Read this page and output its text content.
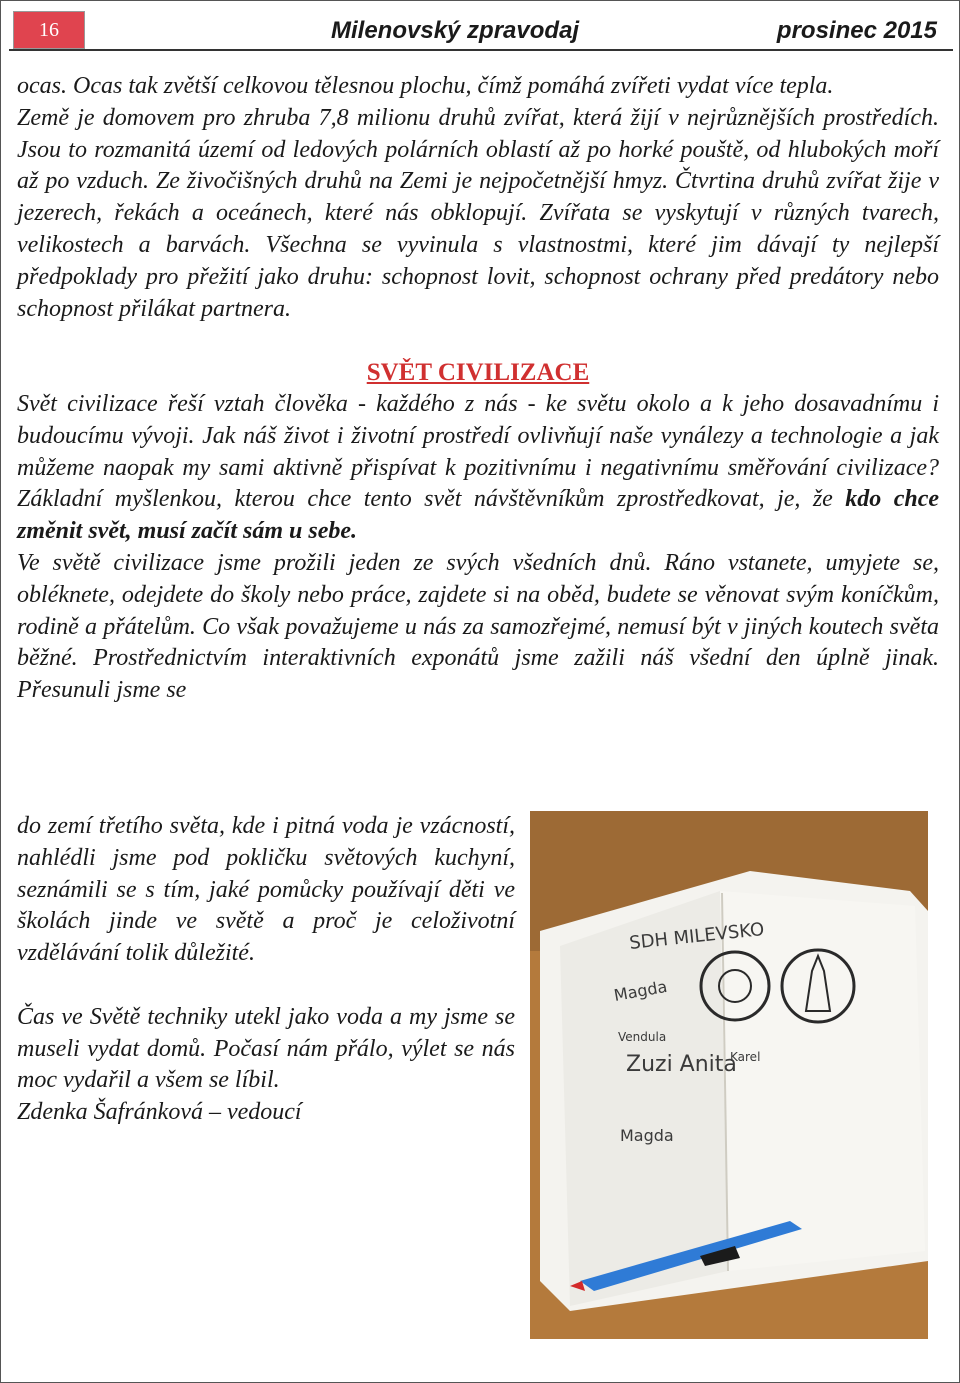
16	Milenovský zpravodaj	prosinec 2015

ocas. Ocas tak zvětší celkovou tělesnou plochu, čímž pomáhá zvířeti vydat více tepla.

Země je domovem pro zhruba 7,8 milionu druhů zvířat, která žijí v nejrůznějších prostředích. Jsou to rozmanitá území od ledových polárních oblastí až po horké pouště, od hlubokých moří až po vzduch. Ze živočišných druhů na Zemi je nejpočetnější hmyz. Čtvrtina druhů zvířat žije v jezerech, řekách a oceánech, které nás obklopují. Zvířata se vyskytují v různých tvarech, velikostech a barvách. Všechna se vyvinula s vlastnostmi, které jim dávají ty nejlepší předpoklady pro přežití jako druhu: schopnost lovit, schopnost ochrany před predátory nebo schopnost přilákat partnera.

SVĚT CIVILIZACE

Svět civilizace řeší vztah člověka - každého z nás - ke světu okolo a k jeho dosavadnímu i budoucímu vývoji. Jak náš život i životní prostředí ovlivňují naše vynálezy a technologie a jak můžeme naopak my sami aktivně přispívat k pozitivnímu i negativnímu směřování civilizace? Základní myšlenkou, kterou chce tento svět návštěvníkům zprostředkovat, je, že kdo chce změnit svět, musí začít sám u sebe.

Ve světě civilizace jsme prožili jeden ze svých všedních dnů. Ráno vstanete, umyjete se, obléknete, odejdete do školy nebo práce, zajdete si na oběd, budete se věnovat svým koníčkům, rodině a přátelům. Co však považujeme u nás za samozřejmé, nemusí být v jiných koutech světa běžné. Prostřednictvím interaktivních exponátů jsme zažili náš všední den úplně jinak. Přesunuli jsme se

do zemí třetího světa, kde i pitná voda je vzácností, nahlédli jsme pod pokličku světových kuchyní, seznámili se s tím, jaké pomůcky používají děti ve školách jinde ve světě a proč je celoživotní vzdělávání tolik důležité.

Čas ve Světě techniky utekl jako voda a my jsme se museli vydat domů. Počasí nám přálo, výlet se nás moc vydařil a všem se líbil.

Zdenka Šafránková – vedoucí

SDH MILEVSKO
Magda
Zuzi Anita
Magda
Vendula
Karel
